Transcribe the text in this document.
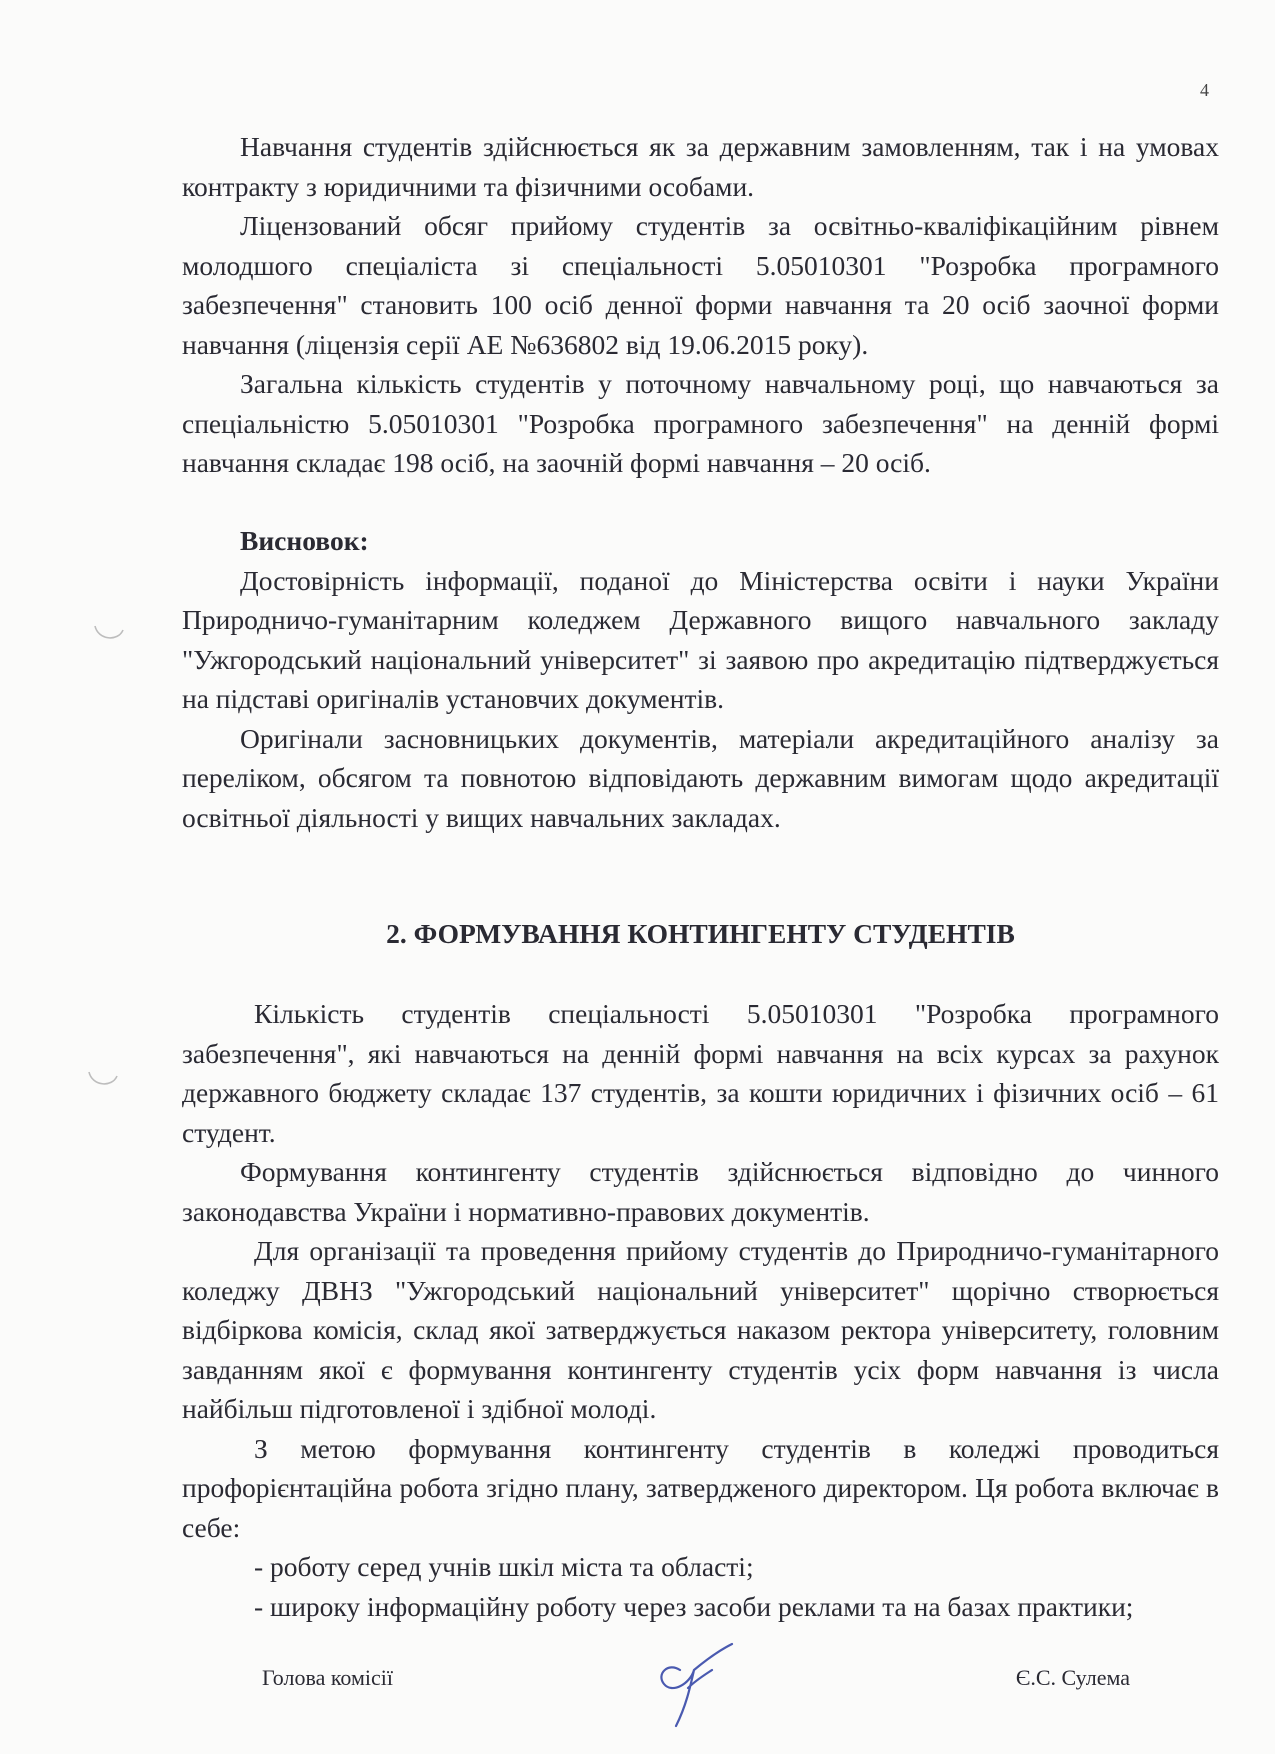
4

Навчання студентів здійснюється як за державним замовленням, так і на умовах контракту з юридичними та фізичними особами.

Ліцензований обсяг прийому студентів за освітньо-кваліфікаційним рівнем молодшого спеціаліста зі спеціальності 5.05010301 "Розробка програмного забезпечення" становить 100 осіб денної форми навчання та 20 осіб заочної форми навчання (ліцензія серії АЕ №636802 від 19.06.2015 року).

Загальна кількість студентів у поточному навчальному році, що навчаються за спеціальністю 5.05010301 "Розробка програмного забезпечення" на денній формі навчання складає 198 осіб, на заочній формі навчання – 20 осіб.

Висновок:

Достовірність інформації, поданої до Міністерства освіти і науки України Природничо-гуманітарним коледжем Державного вищого навчального закладу "Ужгородський національний університет" зі заявою про акредитацію підтверджується на підставі оригіналів установчих документів.

Оригінали засновницьких документів, матеріали акредитаційного аналізу за переліком, обсягом та повнотою відповідають державним вимогам щодо акредитації освітньої діяльності у вищих навчальних закладах.

2. ФОРМУВАННЯ КОНТИНГЕНТУ СТУДЕНТІВ

Кількість студентів спеціальності 5.05010301 "Розробка програмного забезпечення", які навчаються на денній формі навчання на всіх курсах за рахунок державного бюджету складає 137 студентів, за кошти юридичних і фізичних осіб – 61 студент.

Формування контингенту студентів здійснюється відповідно до чинного законодавства України і нормативно-правових документів.

Для організації та проведення прийому студентів до Природничо-гуманітарного коледжу ДВНЗ "Ужгородський національний університет" щорічно створюється відбіркова комісія, склад якої затверджується наказом ректора університету, головним завданням якої є формування контингенту студентів усіх форм навчання із числа найбільш підготовленої і здібної молоді.

З метою формування контингенту студентів в коледжі проводиться профорієнтаційна робота згідно плану, затвердженого директором. Ця робота включає в себе:

- роботу серед учнів шкіл міста та області;

- широку інформаційну роботу через засоби реклами та на базах практики;

Голова комісії	Є.С. Сулема
